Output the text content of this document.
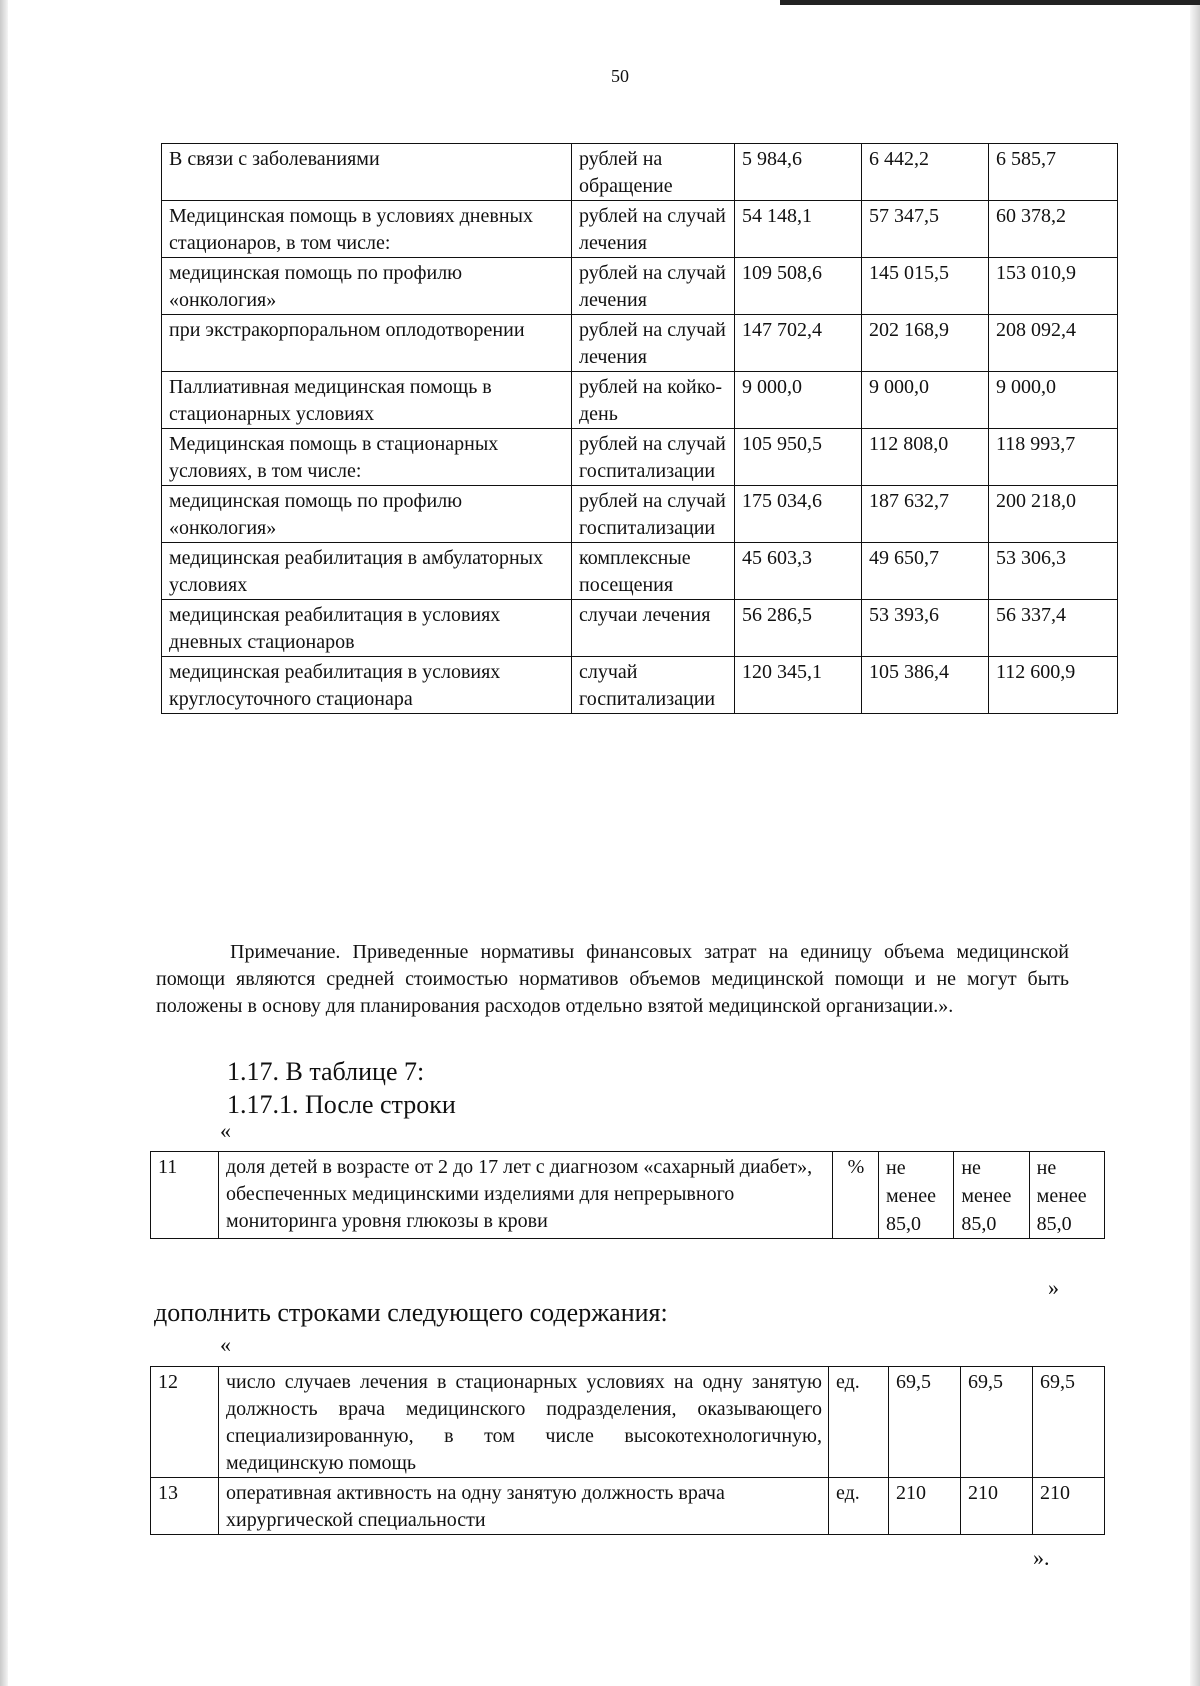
50
В связи с заболеваниями	рублей на обращение	5 984,6	6 442,2	6 585,7
Медицинская помощь в условиях дневных стационаров, в том числе:	рублей на случай лечения	54 148,1	57 347,5	60 378,2
медицинская помощь по профилю «онкология»	рублей на случай лечения	109 508,6	145 015,5	153 010,9
при экстракорпоральном оплодотворении	рублей на случай лечения	147 702,4	202 168,9	208 092,4
Паллиативная медицинская помощь в стационарных условиях	рублей на койко-день	9 000,0	9 000,0	9 000,0
Медицинская помощь в стационарных условиях, в том числе:	рублей на случай госпитализации	105 950,5	112 808,0	118 993,7
медицинская помощь по профилю «онкология»	рублей на случай госпитализации	175 034,6	187 632,7	200 218,0
медицинская реабилитация в амбулаторных условиях	комплексные посещения	45 603,3	49 650,7	53 306,3
медицинская реабилитация в условиях дневных стационаров	случаи лечения	56 286,5	53 393,6	56 337,4
медицинская реабилитация в условиях круглосуточного стационара	случай госпитализации	120 345,1	105 386,4	112 600,9
Примечание. Приведенные нормативы финансовых затрат на единицу объема медицинской помощи являются средней стоимостью нормативов объемов медицинской помощи и не могут быть положены в основу для планирования расходов отдельно взятой медицинской организации.».
1.17. В таблице 7:
1.17.1. После строки
«
11	доля детей в возрасте от 2 до 17 лет с диагнозом «сахарный диабет», обеспеченных медицинскими изделиями для непрерывного мониторинга уровня глюкозы в крови	%	не менее 85,0	не менее 85,0	не менее 85,0
»
дополнить строками следующего содержания:
«
12	число случаев лечения в стационарных условиях на одну занятую должность врача медицинского подразделения, оказывающего специализированную, в том числе высокотехнологичную, медицинскую помощь	ед.	69,5	69,5	69,5
13	оперативная активность на одну занятую должность врача хирургической специальности	ед.	210	210	210
».
